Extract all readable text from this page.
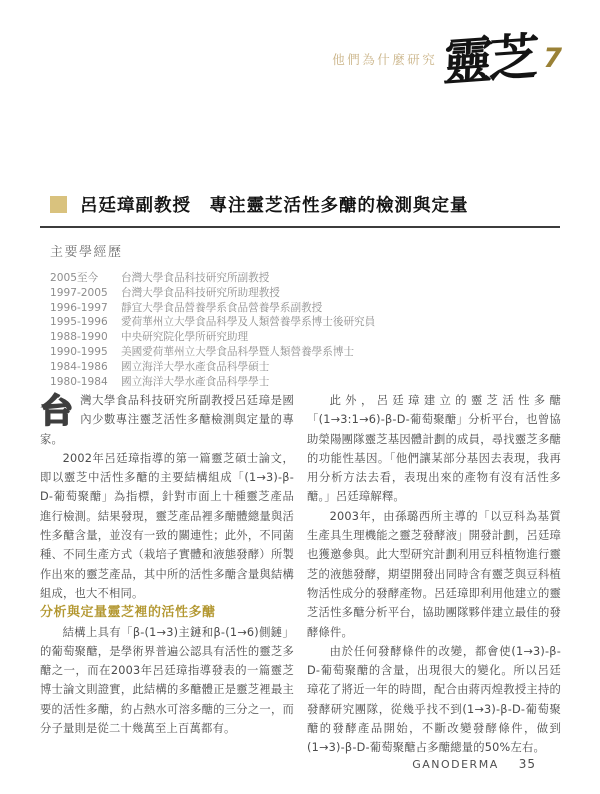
他們為什麼研究 靈芝 7
呂廷璋副教授　專注靈芝活性多醣的檢測與定量
主要學經歷
2005至今	台灣大學食品科技研究所副教授
1997-2005	台灣大學食品科技研究所助理教授
1996-1997	靜宜大學食品營養學系食品營養學系副教授
1995-1996	愛荷華州立大學食品科學及人類營養學系博士後研究員
1988-1990	中央研究院化學所研究助理
1990-1995	美國愛荷華州立大學食品科學暨人類營養學系博士
1984-1986	國立海洋大學水產食品科學碩士
1980-1984	國立海洋大學水產食品科學學士

台灣大學食品科技研究所副教授呂廷璋是國內少數專注靈芝活性多醣檢測與定量的專家。

2002年呂廷璋指導的第一篇靈芝碩士論文，即以靈芝中活性多醣的主要結構組成「(1→3)-β-D-葡萄聚醣」為指標，針對市面上十種靈芝產品進行檢測。結果發現，靈芝產品裡多醣體總量與活性多醣含量，並沒有一致的關連性；此外，不同菌種、不同生產方式（栽培子實體和液態發酵）所製作出來的靈芝產品，其中所的活性多醣含量與結構組成，也大不相同。

分析與定量靈芝裡的活性多醣

結構上具有「β-(1→3)主鏈和β-(1→6)側鏈」的葡萄聚醣，是學術界普遍公認具有活性的靈芝多醣之一，而在2003年呂廷璋指導發表的一篇靈芝博士論文則證實，此結構的多醣體正是靈芝裡最主要的活性多醣，約占熱水可溶多醣的三分之一，而分子量則是從二十幾萬至上百萬都有。

此外，呂廷璋建立的靈芝活性多醣「(1→3:1→6)-β-D-葡萄聚醣」分析平台，也曾協助榮陽團隊靈芝基因體計劃的成員，尋找靈芝多醣的功能性基因。「他們讓某部分基因去表現，我再用分析方法去看，表現出來的產物有沒有活性多醣。」呂廷璋解釋。

2003年，由孫璐西所主導的「以豆科為基質生產具生理機能之靈芝發酵液」開發計劃，呂廷璋也獲邀參與。此大型研究計劃利用豆科植物進行靈芝的液態發酵，期望開發出同時含有靈芝與豆科植物活性成分的發酵產物。呂廷璋即利用他建立的靈芝活性多醣分析平台，協助團隊夥伴建立最佳的發酵條件。

由於任何發酵條件的改變，都會使(1→3)-β-D-葡萄聚醣的含量，出現很大的變化。所以呂廷璋花了將近一年的時間，配合由蔣丙煌教授主持的發酵研究團隊，從幾乎找不到(1→3)-β-D-葡萄聚醣的發酵產品開始，不斷改變發酵條件，做到(1→3)-β-D-葡萄聚醣占多醣總量的50%左右。

GANODERMA 35
